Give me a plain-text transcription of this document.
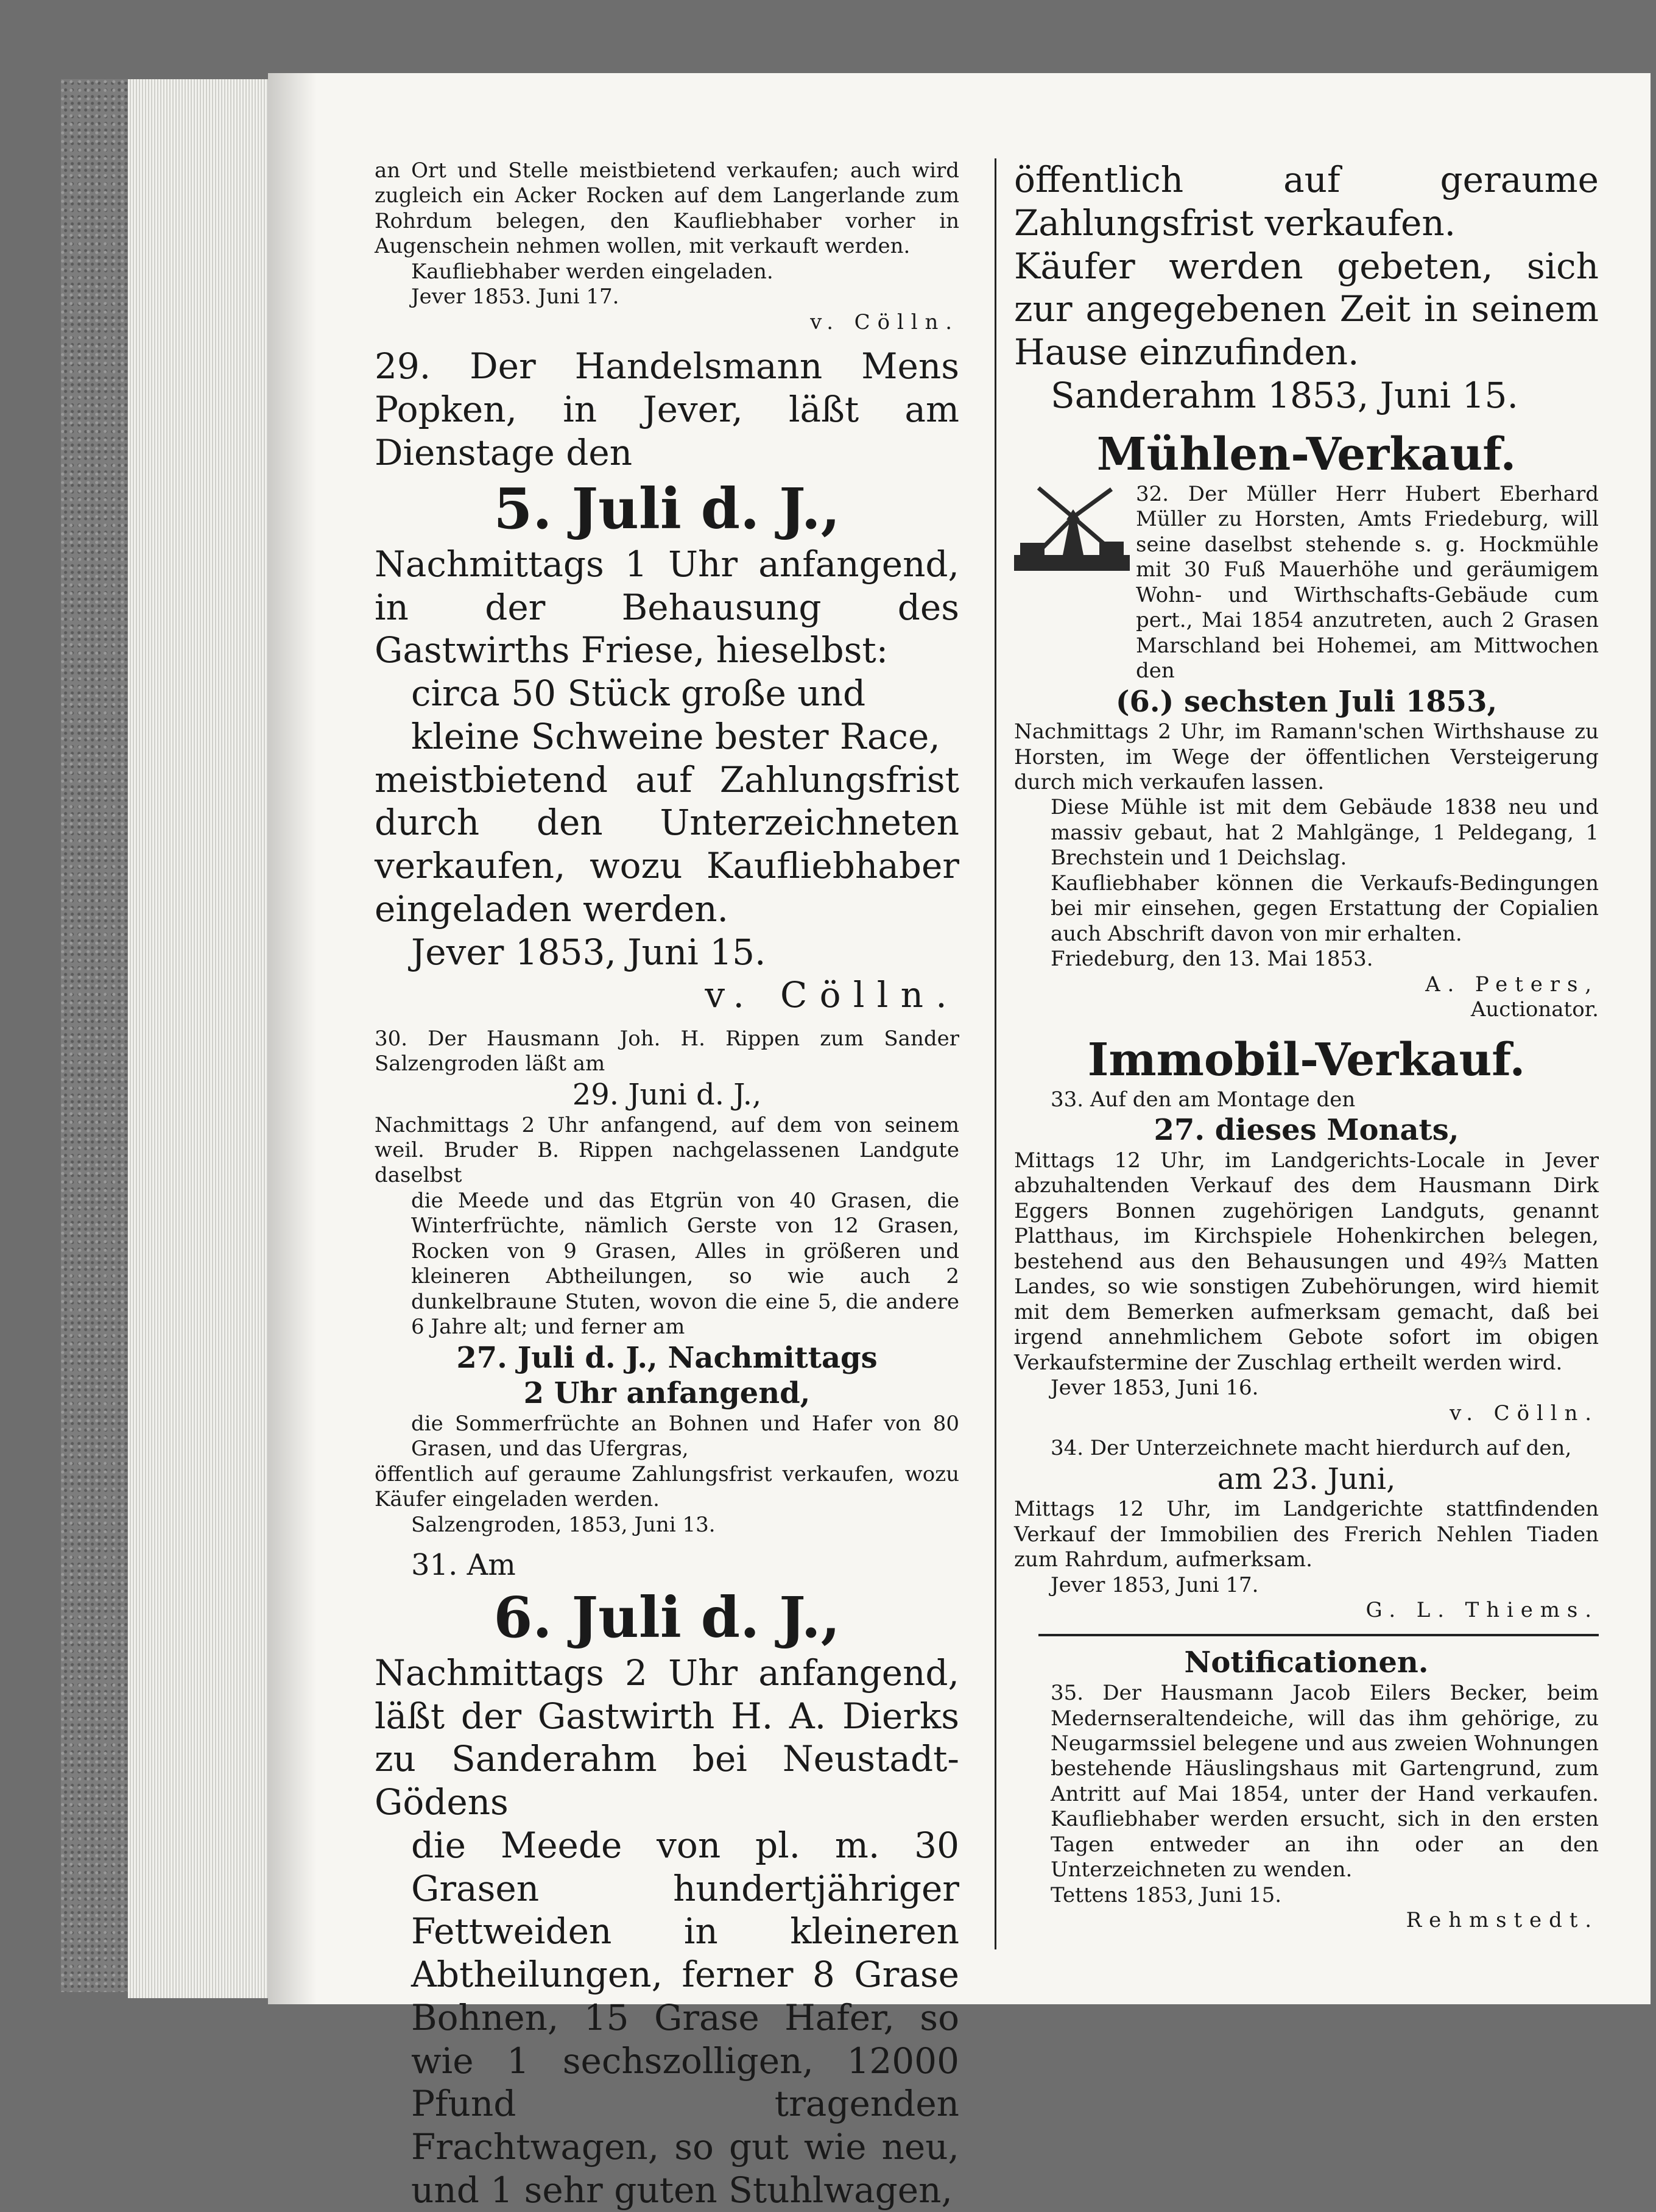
an Ort und Stelle meistbietend verkaufen; auch wird zugleich ein Acker Rocken auf dem Langerlande zum Rohrdum belegen, den Kaufliebhaber vorher in Augenschein nehmen wollen, mit verkauft werden.

Kaufliebhaber werden eingeladen.

Jever 1853. Juni 17.

v. Cölln.

29. Der Handelsmann Mens Popken, in Jever, läßt am Dienstage den

5. Juli d. J.,

Nachmittags 1 Uhr anfangend, in der Behausung des Gastwirths Friese, hieselbst:

circa 50 Stück große und kleine Schweine bester Race,

meistbietend auf Zahlungsfrist durch den Unterzeichneten verkaufen, wozu Kaufliebhaber eingeladen werden.

Jever 1853, Juni 15.

v. Cölln.

30. Der Hausmann Joh. H. Rippen zum Sander Salzengroden läßt am

29. Juni d. J.,

Nachmittags 2 Uhr anfangend, auf dem von seinem weil. Bruder B. Rippen nachgelassenen Landgute daselbst

die Meede und das Etgrün von 40 Grasen, die Winterfrüchte, nämlich Gerste von 12 Grasen, Rocken von 9 Grasen, Alles in größeren und kleineren Abtheilungen, so wie auch 2 dunkelbraune Stuten, wovon die eine 5, die andere 6 Jahre alt; und ferner am

27. Juli d. J., Nachmittags

2 Uhr anfangend,

die Sommerfrüchte an Bohnen und Hafer von 80 Grasen, und das Ufergras,

öffentlich auf geraume Zahlungsfrist verkaufen, wozu Käufer eingeladen werden.

Salzengroden, 1853, Juni 13.

31. Am

6. Juli d. J.,

Nachmittags 2 Uhr anfangend, läßt der Gastwirth H. A. Dierks zu Sanderahm bei Neustadt-Gödens

die Meede von pl. m. 30 Grasen hundertjähriger Fettweiden in kleineren Abtheilungen, ferner 8 Grase Bohnen, 15 Grase Hafer, so wie 1 sechszolligen, 12000 Pfund tragenden Frachtwagen, so gut wie neu, und 1 sehr guten Stuhlwagen,

öffentlich auf geraume Zahlungsfrist verkaufen.

Käufer werden gebeten, sich zur angegebenen Zeit in seinem Hause einzufinden.

Sanderahm 1853, Juni 15.

Mühlen-Verkauf.

32. Der Müller Herr Hubert Eberhard Müller zu Horsten, Amts Friedeburg, will seine daselbst stehende s. g. Hockmühle mit 30 Fuß Mauerhöhe und geräumigem Wohn- und Wirthschafts-Gebäude cum pert., Mai 1854 anzutreten, auch 2 Grasen Marschland bei Hohemei, am Mittwochen den

(6.) sechsten Juli 1853,

Nachmittags 2 Uhr, im Ramann'schen Wirthshause zu Horsten, im Wege der öffentlichen Versteigerung durch mich verkaufen lassen.

Diese Mühle ist mit dem Gebäude 1838 neu und massiv gebaut, hat 2 Mahlgänge, 1 Peldegang, 1 Brechstein und 1 Deichslag.

Kaufliebhaber können die Verkaufs-Bedingungen bei mir einsehen, gegen Erstattung der Copialien auch Abschrift davon von mir erhalten.

Friedeburg, den 13. Mai 1853.

A. Peters,

Auctionator.

Immobil-Verkauf.

33. Auf den am Montage den

27. dieses Monats,

Mittags 12 Uhr, im Landgerichts-Locale in Jever abzuhaltenden Verkauf des dem Hausmann Dirk Eggers Bonnen zugehörigen Landguts, genannt Platthaus, im Kirchspiele Hohenkirchen belegen, bestehend aus den Behausungen und 49⅔ Matten Landes, so wie sonstigen Zubehörungen, wird hiemit mit dem Bemerken aufmerksam gemacht, daß bei irgend annehmlichem Gebote sofort im obigen Verkaufstermine der Zuschlag ertheilt werden wird.

Jever 1853, Juni 16.

v. Cölln.

34. Der Unterzeichnete macht hierdurch auf den,

am 23. Juni,

Mittags 12 Uhr, im Landgerichte stattfindenden Verkauf der Immobilien des Frerich Nehlen Tiaden zum Rahrdum, aufmerksam.

Jever 1853, Juni 17.

G. L. Thiems.

Notificationen.

35. Der Hausmann Jacob Eilers Becker, beim Medernseraltendeiche, will das ihm gehörige, zu Neugarmssiel belegene und aus zweien Wohnungen bestehende Häuslingshaus mit Gartengrund, zum Antritt auf Mai 1854, unter der Hand verkaufen. Kaufliebhaber werden ersucht, sich in den ersten Tagen entweder an ihn oder an den Unterzeichneten zu wenden.

Tettens 1853, Juni 15.

Rehmstedt.
